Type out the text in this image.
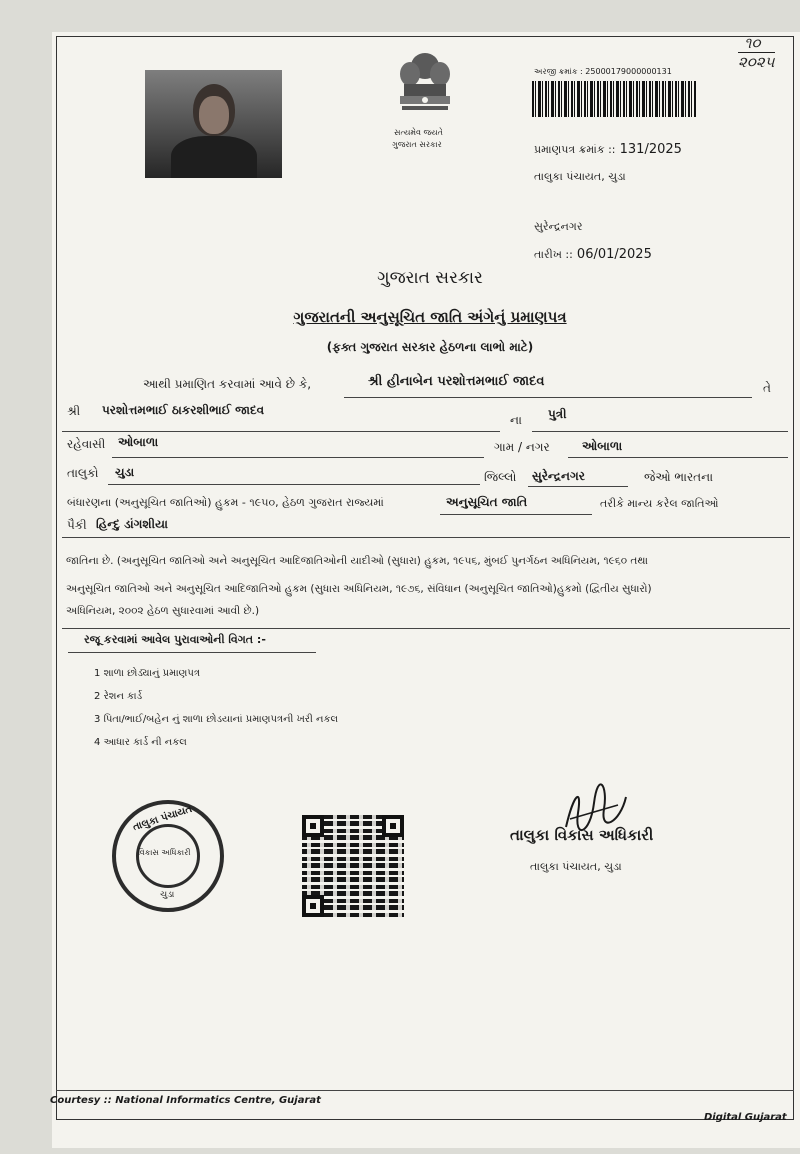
૧૦
૨૦૨૫
સત્યમેવ જયતે
ગુજરાત સરકાર
અરજી ક્રમાંક : 25000179000000131
પ્રમાણપત્ર ક્રમાંક :: 131/2025
તાલુકા પંચાયત, ચુડા
સુરેન્દ્રનગર
તારીખ :: 06/01/2025
ગુજરાત સરકાર
ગુજરાતની અનુસૂચિત જાતિ અંગેનું પ્રમાણપત્ર
(ફક્ત ગુજરાત સરકાર હેઠળના લાભો માટે)
આથી પ્રમાણિત કરવામાં આવે છે કે,	શ્રી હીનાબેન પરશોત્તમભાઈ જાદવ	તે
શ્રી પરશોત્તમભાઈ ઠાકરશીભાઈ જાદવ
ના પુત્રી
રહેવાસી ઓબાળા	ગામ / નગર	ઓબાળા
તાલુકો ચુડા	જિલ્લો સુરેન્દ્રનગર	જેઓ ભારતના
બંધારણના (અનુસૂચિત જાતિઓ) હુકમ - ૧૯૫૦, હેઠળ ગુજરાત રાજ્યમાં	અનુસૂચિત જાતિ	તરીકે માન્ય કરેલ જાતિઓ
પૈકી હિન્દુ ડાંગશીયા
જાતિના છે. (અનુસૂચિત જાતિઓ અને અનુસૂચિત આદિજાતિઓની યાદીઓ (સુધારા) હુકમ, ૧૯૫૬, મુંબઈ પુનર્ગઠન અધિનિયમ, ૧૯૬૦ તથા
અનુસૂચિત જાતિઓ અને અનુસૂચિત આદિજાતિઓ હુકમ (સુધારા અધિનિયમ, ૧૯૭૬, સંવિધાન (અનુસૂચિત જાતિઓ)હુકમો (દ્વિતીય સુધારો)
અધિનિયમ, ૨૦૦૨ હેઠળ સુધારવામાં આવી છે.)
રજૂ કરવામાં આવેલ પુરાવાઓની વિગત :-
1 શાળા છોડ્યાનું પ્રમાણપત્ર
2 રેશન કાર્ડ
3 પિતા/ભાઈ/બહેન નું શાળા છોડયાનાં પ્રમાણપત્રની ખરી નકલ
4 આધાર કાર્ડ ની નકલ
તાલુકા પંચાયત
વિકાસ અધિકારી
ચુડા
તાલુકા વિકાસ અધિકારી
તાલુકા પંચાયત, ચુડા
Courtesy :: National Informatics Centre, Gujarat
Digital Gujarat
